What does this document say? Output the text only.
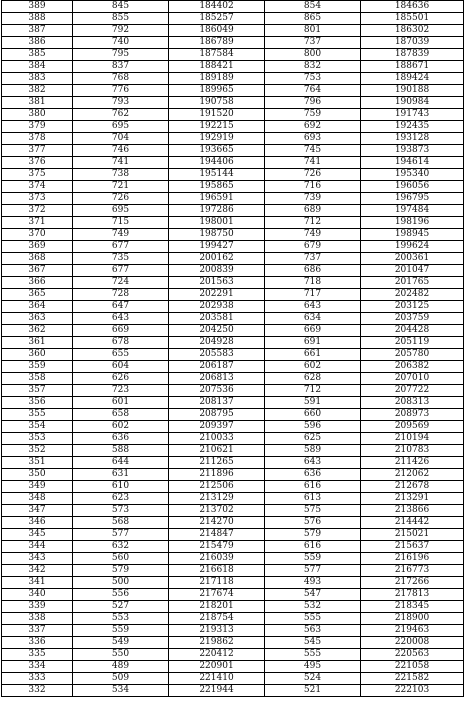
389	845	184402	854	184636
388	855	185257	865	185501
387	792	186049	801	186302
386	740	186789	737	187039
385	795	187584	800	187839
384	837	188421	832	188671
383	768	189189	753	189424
382	776	189965	764	190188
381	793	190758	796	190984
380	762	191520	759	191743
379	695	192215	692	192435
378	704	192919	693	193128
377	746	193665	745	193873
376	741	194406	741	194614
375	738	195144	726	195340
374	721	195865	716	196056
373	726	196591	739	196795
372	695	197286	689	197484
371	715	198001	712	198196
370	749	198750	749	198945
369	677	199427	679	199624
368	735	200162	737	200361
367	677	200839	686	201047
366	724	201563	718	201765
365	728	202291	717	202482
364	647	202938	643	203125
363	643	203581	634	203759
362	669	204250	669	204428
361	678	204928	691	205119
360	655	205583	661	205780
359	604	206187	602	206382
358	626	206813	628	207010
357	723	207536	712	207722
356	601	208137	591	208313
355	658	208795	660	208973
354	602	209397	596	209569
353	636	210033	625	210194
352	588	210621	589	210783
351	644	211265	643	211426
350	631	211896	636	212062
349	610	212506	616	212678
348	623	213129	613	213291
347	573	213702	575	213866
346	568	214270	576	214442
345	577	214847	579	215021
344	632	215479	616	215637
343	560	216039	559	216196
342	579	216618	577	216773
341	500	217118	493	217266
340	556	217674	547	217813
339	527	218201	532	218345
338	553	218754	555	218900
337	559	219313	563	219463
336	549	219862	545	220008
335	550	220412	555	220563
334	489	220901	495	221058
333	509	221410	524	221582
332	534	221944	521	222103
